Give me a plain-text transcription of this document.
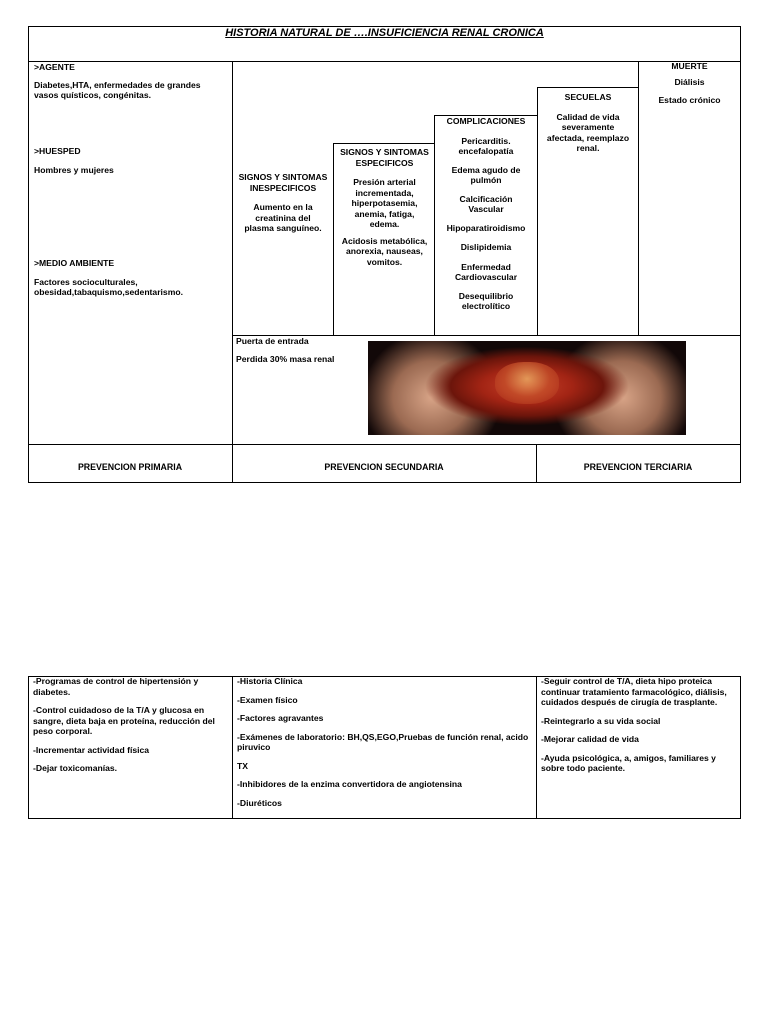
HISTORIA NATURAL DE ….INSUFICIENCIA RENAL CRONICA
>AGENTE
Diabetes,HTA, enfermedades de grandes vasos quísticos, congénitas.
>HUESPED
Hombres y mujeres
>MEDIO AMBIENTE
Factores socioculturales, obesidad,tabaquismo,sedentarismo.
SIGNOS Y SINTOMAS INESPECIFICOS
Aumento en la creatinina del plasma sanguíneo.
SIGNOS Y SINTOMAS ESPECIFICOS
Presión arterial incrementada, hiperpotasemia, anemia, fatiga, edema.
Acidosis metabólica, anorexia, nauseas, vomitos.
COMPLICACIONES
Pericarditis. encefalopatía
Edema agudo de pulmón
Calcificación Vascular
Hipoparatiroidismo
Dislipidemia
Enfermedad Cardiovascular
Desequilibrio electrolítico
SECUELAS
Calidad de vida severamente afectada, reemplazo renal.
MUERTE
Diálisis
Estado crónico
Puerta de entrada
Perdida 30% masa renal
PREVENCION PRIMARIA	PREVENCION SECUNDARIA	PREVENCION TERCIARIA
-Programas de control de hipertensión y diabetes.
-Control cuidadoso de la T/A y glucosa en sangre, dieta baja en proteína, reducción del peso corporal.
-Incrementar actividad física
-Dejar toxicomanías.
-Historia Clínica
-Examen físico
-Factores agravantes
-Exámenes de laboratorio: BH,QS,EGO,Pruebas de función renal, acido piruvico
TX
-Inhibidores de la enzima convertidora de angiotensina
-Diuréticos
-Seguir control de T/A, dieta hipo proteica continuar tratamiento farmacológico, diálisis, cuidados después de cirugía de trasplante.
-Reintegrarlo a su vida social
-Mejorar calidad de vida
-Ayuda psicológica, a, amigos, familiares y sobre todo paciente.
